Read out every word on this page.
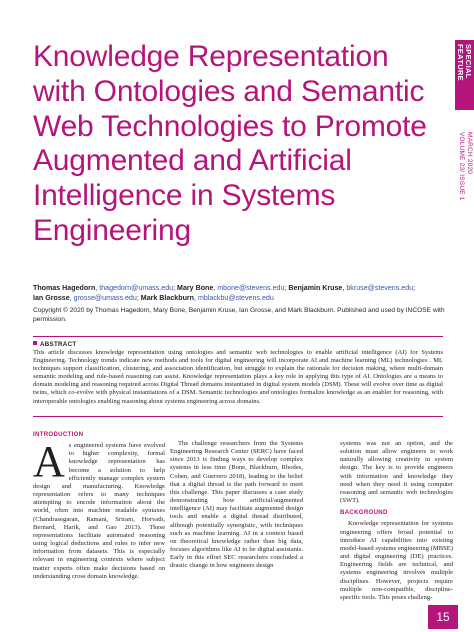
SPECIAL
FEATURE
MARCH 2020
VOLUME 23/ ISSUE 1
Knowledge Representation with Ontologies and Semantic Web Technologies to Promote Augmented and Artificial Intelligence in Systems Engineering
Thomas Hagedorn, thagedorn@umass.edu; Mary Bone, mbone@stevens.edu; Benjamin Kruse, bkruse@stevens.edu;
Ian Grosse, grosse@umass.edu; Mark Blackburn, mblackbu@stevens.edu

Copyright © 2020 by Thomas Hagedorn, Mary Bone, Benjamin Kruse, Ian Grosse, and Mark Blackburn. Published and used by INCOSE with permission.

ABSTRACT

This article discusses knowledge representation using ontologies and semantic web technologies to enable artificial intelligence (AI) for Systems Engineering. Technology trends indicate new methods and tools for digital engineering will incorporate AI and machine learning (ML) technologies . ML techniques support classification, clustering, and association identification, but struggle to explain the rationale for decision making, where multi-domain semantic modeling and rule-based reasoning can assist. Knowledge representation plays a key role in applying this type of AI. Ontologies are a means to domain modeling and reasoning required across Digital Thread domains instantiated in digital system models (DSM). These will evolve over time as digital twins, which co-evolve with physical instantiations of a DSM. Semantic technologies and ontologies formalize knowledge as an enabler for reasoning, with interoperable ontologies enabling reasoning about systems engineering across domains.

INTRODUCTION
A s engineered systems have evolved to higher complexity, formal knowledge representation has become a solution to help efficiently manage complex system design and manufacturing. Knowledge representation refers to many techniques attempting to encode information about the world, often into machine readable syntaxes (Chandrasegaran, Ramani, Sriram, Horvath, Bernard, Harik, and Gao 2013). These representations facilitate automated reasoning using logical deductions and rules to infer new information from datasets. This is especially relevant in engineering contexts where subject matter experts often make decisions based on understanding cross domain knowledge.

The challenge researchers from the Systems Engineering Research Center (SERC) have faced since 2013 is finding ways to develop complex systems in less time (Bone, Blackburn, Rhodes, Cohen, and Guerrero 2018), leading to the belief that a digital thread is the path forward to meet this challenge. This paper discusses a case study demonstrating how artificial/augmented intelligence (AI) may facilitate augmented design tools and enable a digital thread distributed, although potentially synergistic, with techniques such as machine learning. AI in a context based on theoretical knowledge rather than big data, focuses algorithms like AI to be digital assistants. Early in this effort SEC researchers concluded a drastic change in how engineers design

systems was not an option, and the solution must allow engineers to work naturally allowing creativity in system design. The key is to provide engineers with information and knowledge they need when they need it using computer reasoning and semantic web technologies (SWT).

BACKGROUND

Knowledge representation for systems engineering offers broad potential to introduce AI capabilities into existing model-based systems engineering (MBSE) and digital engineering (DE) practices. Engineering fields are technical, and systems engineering involves multiple disciplines. However, projects require multiple non-compatible, discipline-specific tools. This poses challeng-

15
